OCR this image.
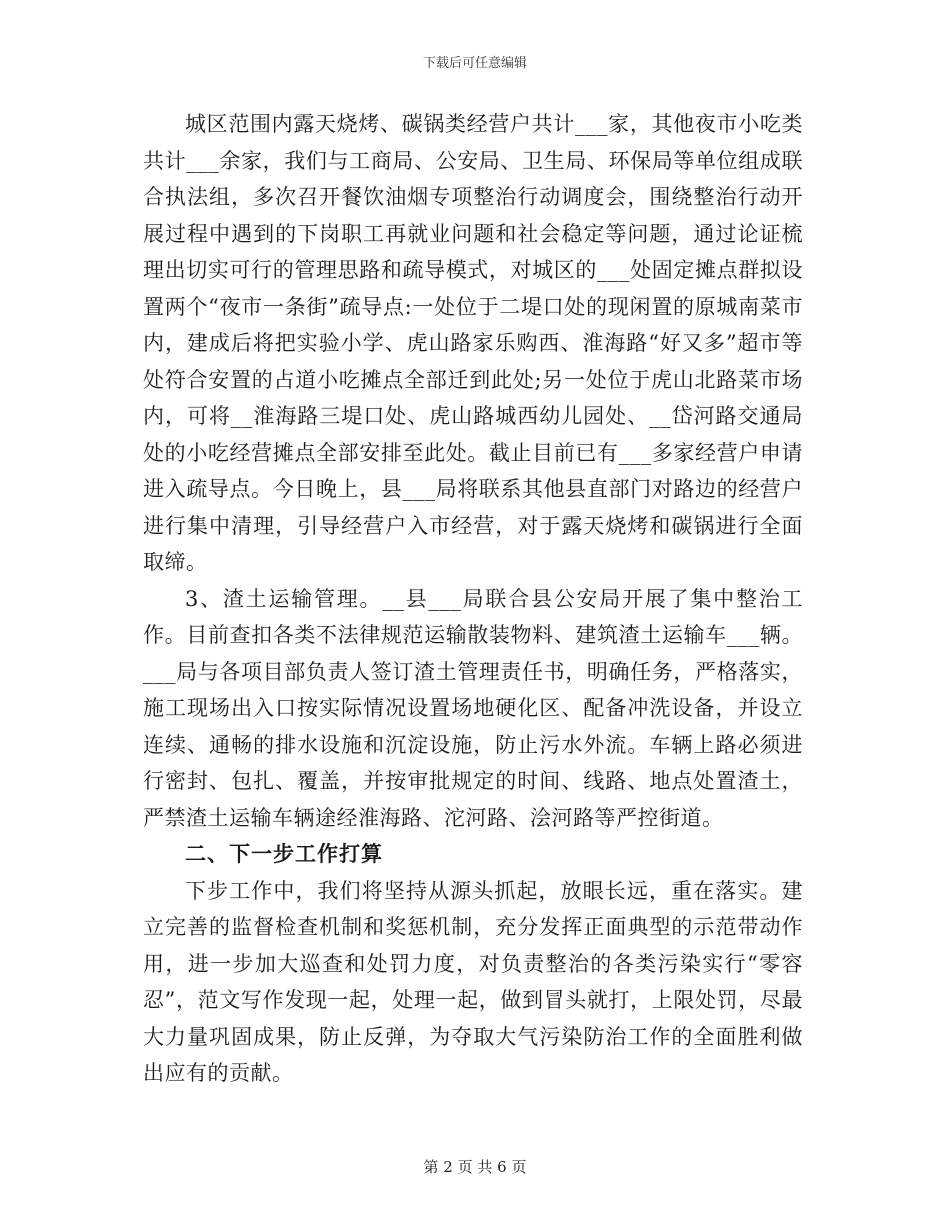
下载后可任意编辑

城区范围内露天烧烤、碳锅类经营户共计___家，其他夜市小吃类共计___余家，我们与工商局、公安局、卫生局、环保局等单位组成联合执法组，多次召开餐饮油烟专项整治行动调度会，围绕整治行动开展过程中遇到的下岗职工再就业问题和社会稳定等问题，通过论证梳理出切实可行的管理思路和疏导模式，对城区的___处固定摊点群拟设置两个“夜市一条街”疏导点:一处位于二堤口处的现闲置的原城南菜市内，建成后将把实验小学、虎山路家乐购西、淮海路“好又多”超市等处符合安置的占道小吃摊点全部迁到此处;另一处位于虎山北路菜市场内，可将__淮海路三堤口处、虎山路城西幼儿园处、__岱河路交通局处的小吃经营摊点全部安排至此处。截止目前已有___多家经营户申请进入疏导点。今日晚上，县___局将联系其他县直部门对路边的经营户进行集中清理，引导经营户入市经营，对于露天烧烤和碳锅进行全面取缔。

3、渣土运输管理。__县___局联合县公安局开展了集中整治工作。目前查扣各类不法律规范运输散装物料、建筑渣土运输车___辆。___局与各项目部负责人签订渣土管理责任书，明确任务，严格落实，施工现场出入口按实际情况设置场地硬化区、配备冲洗设备，并设立连续、通畅的排水设施和沉淀设施，防止污水外流。车辆上路必须进行密封、包扎、覆盖，并按审批规定的时间、线路、地点处置渣土，严禁渣土运输车辆途经淮海路、沱河路、浍河路等严控街道。

二、下一步工作打算

下步工作中，我们将坚持从源头抓起，放眼长远，重在落实。建立完善的监督检查机制和奖惩机制，充分发挥正面典型的示范带动作用，进一步加大巡查和处罚力度，对负责整治的各类污染实行“零容忍”，范文写作发现一起，处理一起，做到冒头就打，上限处罚，尽最大力量巩固成果，防止反弹，为夺取大气污染防治工作的全面胜利做出应有的贡献。

第 2 页 共 6 页
